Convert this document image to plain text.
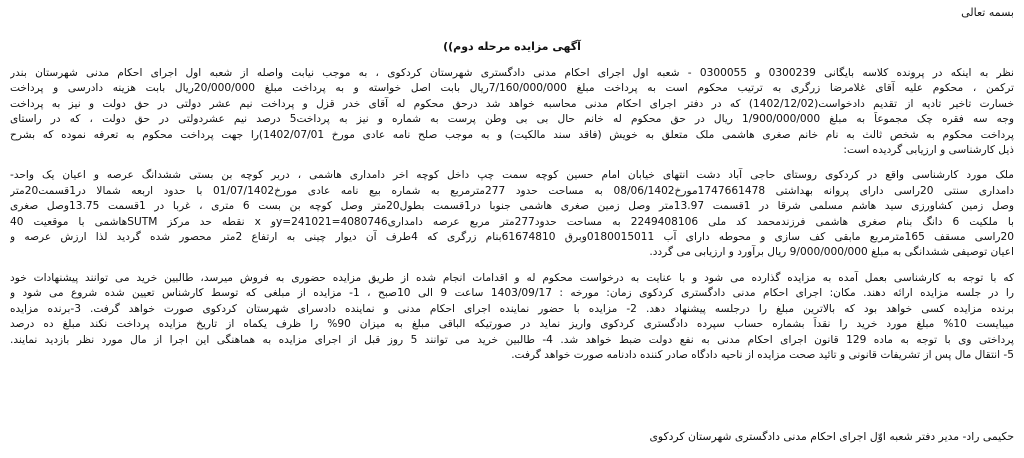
بسمه تعالی
آگهی مزایده مرحله دوم))
نظر به اینکه در پرونده کلاسه بایگانی 0300239 و 0300055 - شعبه اول اجرای احکام مدنی دادگستری شهرستان کردکوی ، به موجب نیابت واصله از شعبه اول اجرای احکام مدنی شهرستان بندر
ترکمن ، محکوم علیه آقای غلامرضا زرگری به ترتیب محکوم است به پرداخت مبلغ 7/160/000/000ریال بابت اصل خواسته و به پرداخت مبلغ 20/000/000ریال بابت هزینه دادرسی و پرداخت
خسارت تاخیر تادیه از تقدیم دادخواست(1402/12/02) که در دفتر اجرای احکام مدنی محاسبه خواهد شد درحق محکوم له آقای خدر قزل و پرداخت نیم عشر دولتی در حق دولت و نیز به پرداخت
وجه سه فقره چک مجموعاً به مبلغ 1/900/000/000 ریال در حق محکوم له خانم حال بی بی وطن پرست به شماره و نیز به پرداخت5 درصد نیم عشردولتی در حق دولت ، که در راستای
پرداخت محکوم به شخص ثالث به نام خانم صغری هاشمی ملک متعلق به خویش (فاقد سند مالکیت) و به موجب صلح نامه عادی مورخ 1402/07/01)را جهت پرداخت محکوم به تعرفه نموده که بشرح
ذیل کارشناسی و ارزیابی گردیده است:
ملک مورد کارشناسی واقع در کردکوی روستای حاجی آباد دشت انتهای خیابان امام حسین کوچه سمت چپ داخل کوچه اخر دامداری هاشمی ، دربر کوچه بن بستی ششدانگ عرصه و اعیان یک واحد-
دامداری سنتی 20راسی دارای پروانه بهداشتی 1747661478مورخ08/06/1402 به مساحت حدود 277مترمربع به شماره بیع نامه عادی مورخ01/07/1402 با حدود اربعه شمالا در1قسمت20متر
وصل زمین کشاورزی سید هاشم مسلمی شرقا در 1قسمت 13.97متر وصل زمین صغری هاشمی جنوبا در1قسمت بطول20متر وصل کوچه بن بست 6 متری ، غربا در 1قسمت 13.75وصل صغری
با ملکیت 6 دانگ بنام صغری هاشمی فرزندمحمد کد ملی 2249408106 به مساحت حدود277متر مربع عرصه دامداری4080746=y=241021و x نقطه حد مرکز SUTMهاشمی با موقعیت 40
20راسی مسقف 165مترمربع مابقی کف سازی و محوطه دارای آب 0180015011وبرق 61674810بنام زرگری که 4طرف آن دیوار چینی به ارتفاع 2متر محصور شده گردید لذا ارزش عرصه و
اعیان توصیفی ششدانگی به مبلغ 9/000/000/000 ریال برآورد و ارزیابی می گردد.
که با توجه به کارشناسی بعمل آمده به مزایده گذارده می شود و با عنایت به درخواست محکوم له و اقدامات انجام شده از طریق مزایده حضوری به فروش میرسد، طالبین خرید می توانند پیشنهادات خود
را در جلسه مزایده ارائه دهند. مکان: اجرای احکام مدنی دادگستری کردکوی زمان: مورخه : 1403/09/17 ساعت 9 الی 10صبح ، 1- مزایده از مبلغی که توسط کارشناس تعیین شده شروع می شود و
برنده مزایده کسی خواهد بود که بالاترین مبلغ را درجلسه پیشنهاد دهد. 2- مزایده با حضور نماینده اجرای احکام مدنی و نماینده دادسرای شهرستان کردکوی صورت خواهد گرفت. 3-برنده مزایده
میبایست 10% مبلغ مورد خرید را نقداً بشماره حساب سپرده دادگستری کردکوی واریز نماید در صورتیکه الباقی مبلغ به میزان 90% را ظرف یکماه از تاریخ مزایده پرداخت نکند مبلغ ده درصد
پرداختی وی با توجه به ماده 129 قانون اجرای احکام مدنی به نفع دولت ضبط خواهد شد. 4- طالبین خرید می توانند 5 روز قبل از اجرای مزایده به هماهنگی این اجرا از مال مورد نظر بازدید نمایند.
5- انتقال مال پس از تشریفات قانونی و تائید صحت مزایده از ناحیه دادگاه صادر کننده دادنامه صورت خواهد گرفت.
حکیمی راد- مدیر دفتر شعبه اوّل اجرای احکام مدنی دادگستری شهرستان کردکوی
